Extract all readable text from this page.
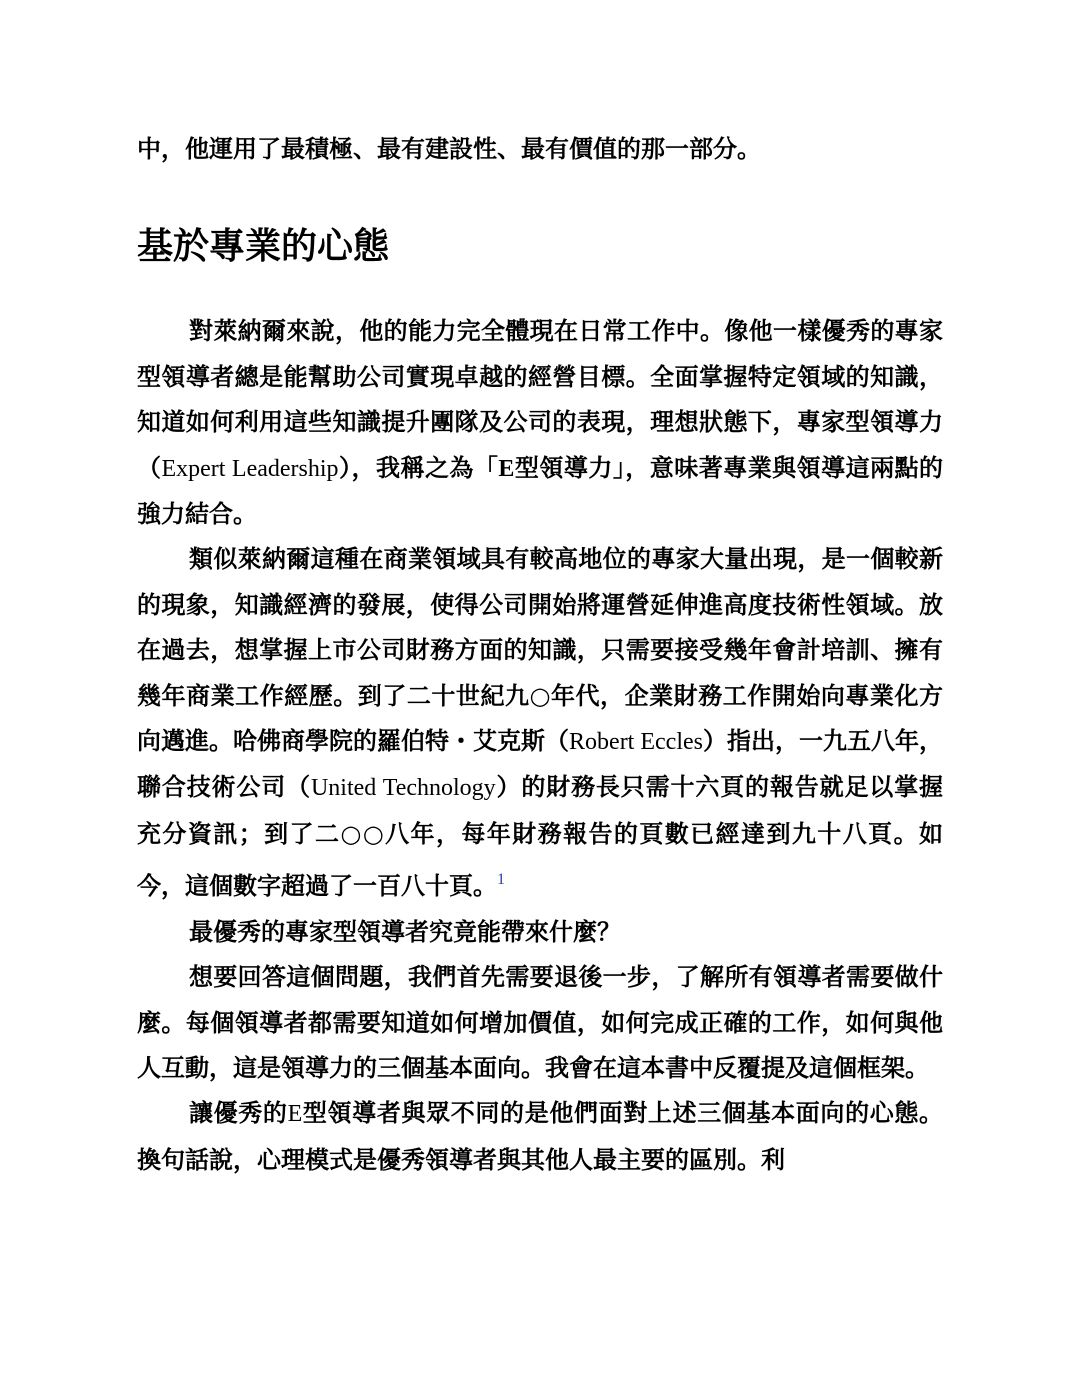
中，他運用了最積極、最有建設性、最有價值的那一部分。

基於專業的心態

對萊納爾來說，他的能力完全體現在日常工作中。像他一樣優秀的專家型領導者總是能幫助公司實現卓越的經營目標。全面掌握特定領域的知識，知道如何利用這些知識提升團隊及公司的表現，理想狀態下，專家型領導力（Expert Leadership），我稱之為「E型領導力」，意味著專業與領導這兩點的強力結合。

類似萊納爾這種在商業領域具有較高地位的專家大量出現，是一個較新的現象，知識經濟的發展，使得公司開始將運營延伸進高度技術性領域。放在過去，想掌握上市公司財務方面的知識，只需要接受幾年會計培訓、擁有幾年商業工作經歷。到了二十世紀九○年代，企業財務工作開始向專業化方向邁進。哈佛商學院的羅伯特・艾克斯（Robert Eccles）指出，一九五八年，聯合技術公司（United Technology）的財務長只需十六頁的報告就足以掌握充分資訊；到了二○○八年，每年財務報告的頁數已經達到九十八頁。如今，這個數字超過了一百八十頁。$^1$

最優秀的專家型領導者究竟能帶來什麼？

想要回答這個問題，我們首先需要退後一步，了解所有領導者需要做什麼。每個領導者都需要知道如何增加價值，如何完成正確的工作，如何與他人互動，這是領導力的三個基本面向。我會在這本書中反覆提及這個框架。

讓優秀的E型領導者與眾不同的是他們面對上述三個基本面向的心態。換句話說，心理模式是優秀領導者與其他人最主要的區別。利
